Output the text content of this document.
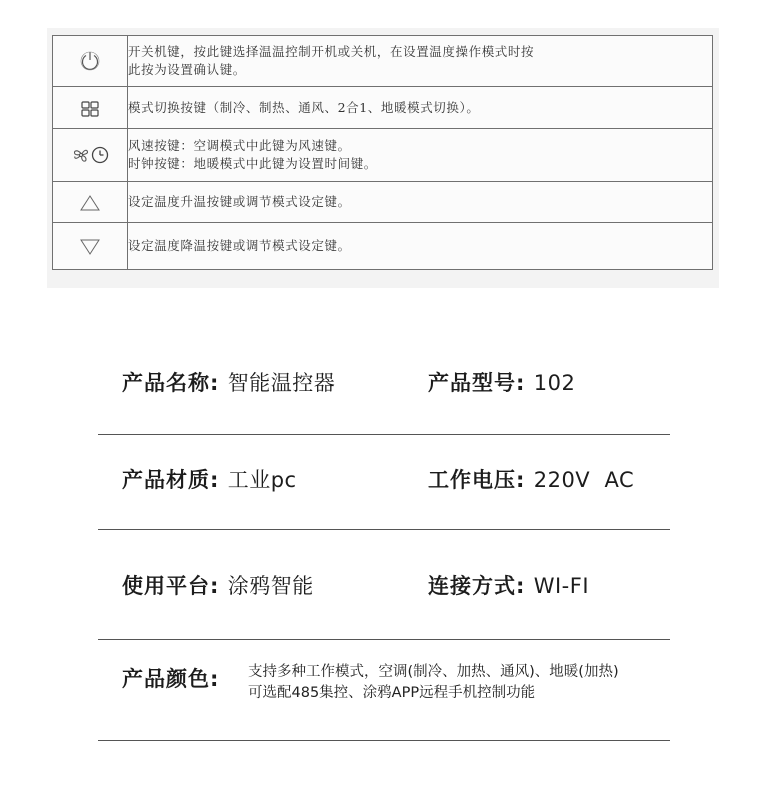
开关机键，按此键选择温温控制开机或关机，在设置温度操作模式时按
此按为设置确认键。

模式切换按键（制冷、制热、通风、2合1、地暖模式切换）。

风速按键：空调模式中此键为风速键。
时钟按键：地暖模式中此键为设置时间键。

设定温度升温按键或调节模式设定键。

设定温度降温按键或调节模式设定键。
产品名称: 智能温控器	产品型号: 102
产品材质: 工业pc	工作电压: 220V  AC
使用平台: 涂鸦智能	连接方式: WI-FI
产品颜色: 支持多种工作模式，空调(制冷、加热、通风)、地暖(加热)
可选配485集控、涂鸦APP远程手机控制功能
